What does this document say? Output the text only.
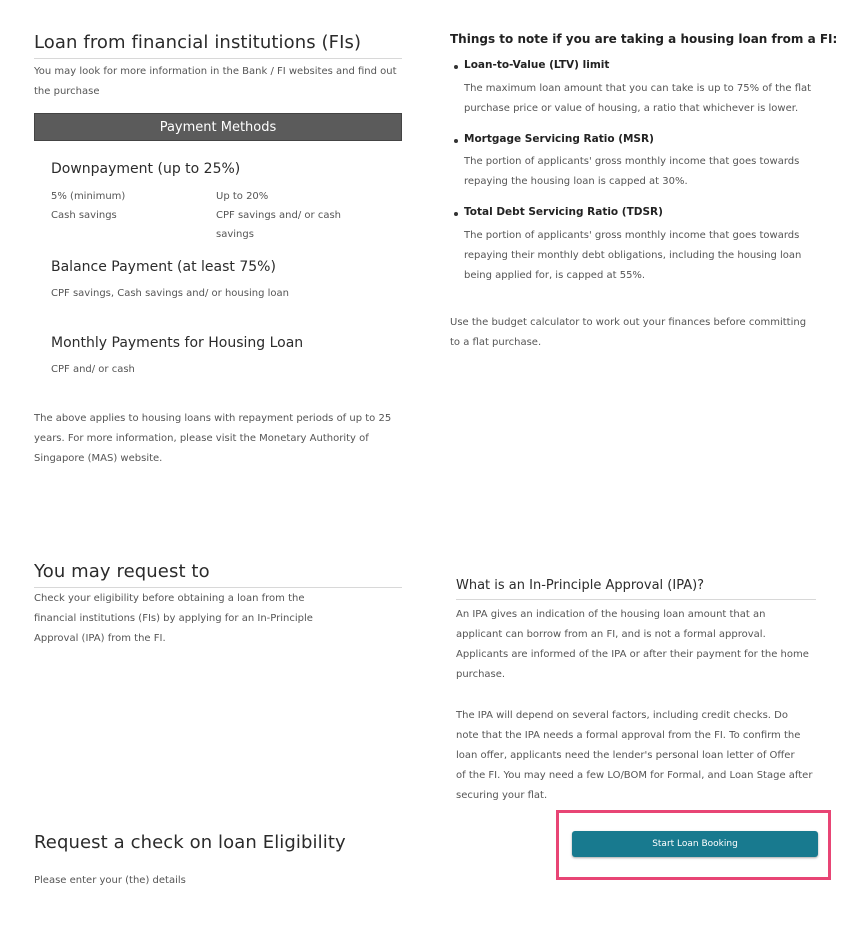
Loan from financial institutions (FIs)
You may look for more information in the Bank / FI websites and find out the purchase
Payment Methods
Downpayment (up to 25%)
5% (minimum)	Up to 20%
Cash savings	CPF savings and/ or cash
savings
Balance Payment (at least 75%)
CPF savings, Cash savings and/ or housing loan
Monthly Payments for Housing Loan
CPF and/ or cash
The above applies to housing loans with repayment periods of up to 25
years. For more information, please visit the Monetary Authority of
Singapore (MAS) website.
You may request to
Check your eligibility before obtaining a loan from the
financial institutions (FIs) by applying for an In-Principle
Approval (IPA) from the FI.
Request a check on loan Eligibility
Please enter your (the) details
Things to note if you are taking a housing loan from a FI:
Loan-to-Value (LTV) limit
The maximum loan amount that you can take is up to 75% of the flat
purchase price or value of housing, a ratio that whichever is lower.
Mortgage Servicing Ratio (MSR)
The portion of applicants' gross monthly income that goes towards
repaying the housing loan is capped at 30%.
Total Debt Servicing Ratio (TDSR)
The portion of applicants' gross monthly income that goes towards
repaying their monthly debt obligations, including the housing loan
being applied for, is capped at 55%.
Use the budget calculator to work out your finances before committing
to a flat purchase.
What is an In-Principle Approval (IPA)?
An IPA gives an indication of the housing loan amount that an
applicant can borrow from an FI, and is not a formal approval.
Applicants are informed of the IPA or after their payment for the home
purchase.
The IPA will depend on several factors, including credit checks. Do
note that the IPA needs a formal approval from the FI. To confirm the
loan offer, applicants need the lender's personal loan letter of Offer
of the FI. You may need a few LO/BOM for Formal, and Loan Stage after
securing your flat.
Start Loan Booking
